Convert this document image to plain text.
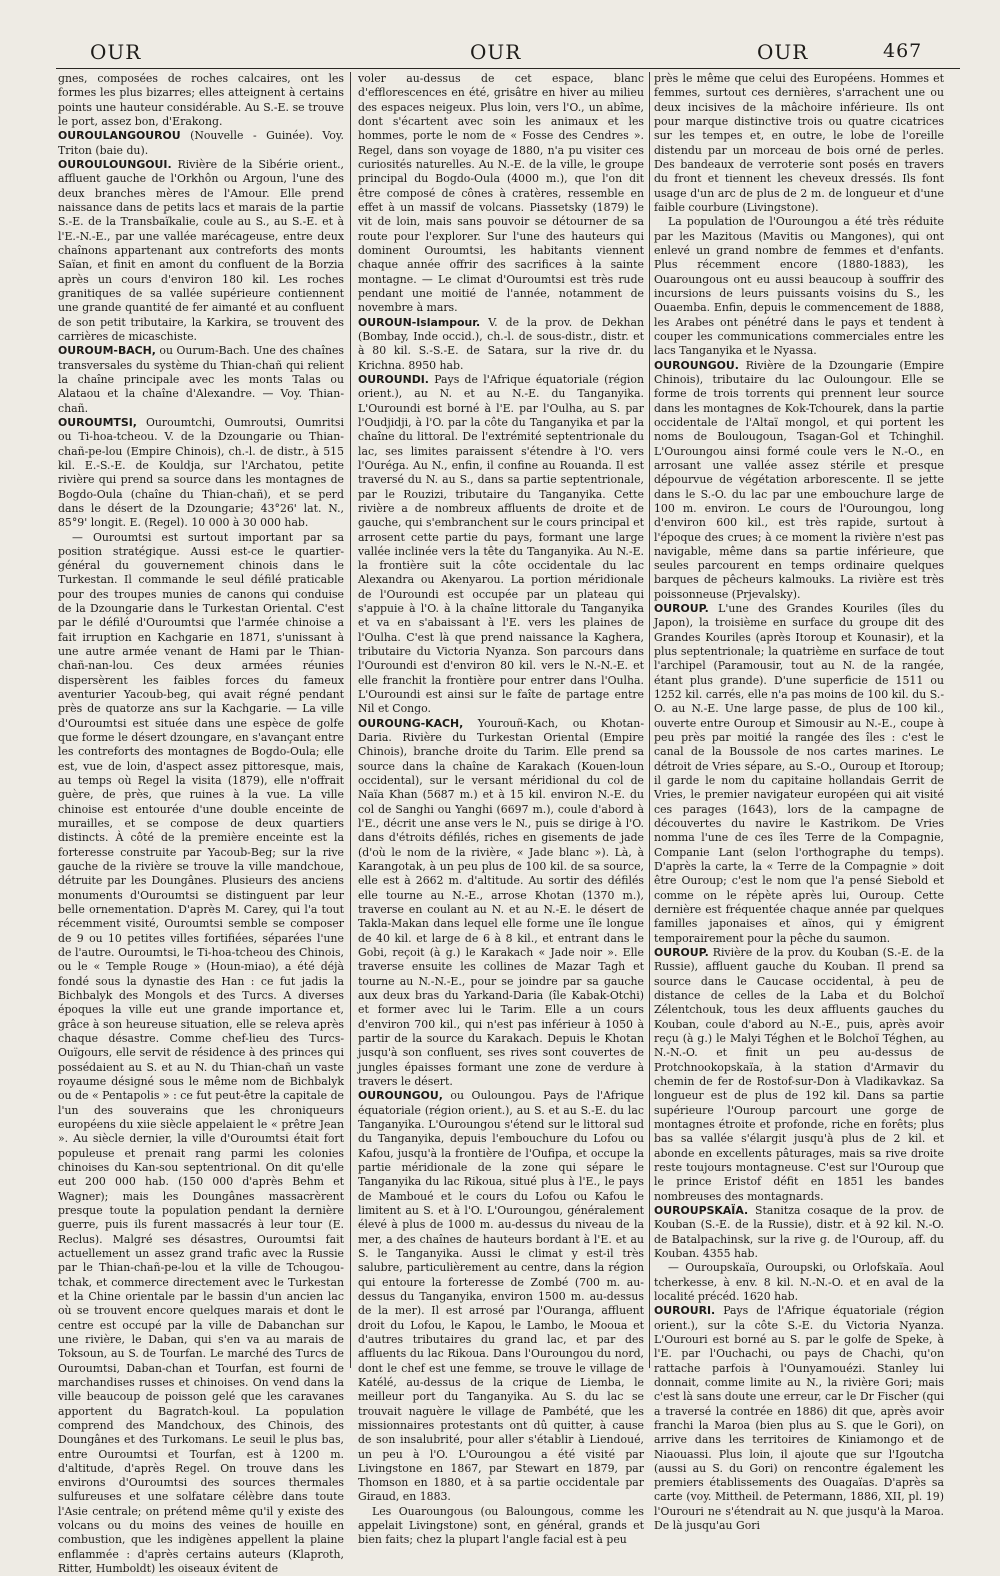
OUR	OUR	OUR	467

gnes, composées de roches calcaires, ont les formes les plus bizarres; elles atteignent à certains points une hauteur considérable. Au S.-E. se trouve le port, assez bon, d'Erakong.

OUROULANGOUROU (Nouvelle - Guinée). Voy. Triton (baie du).

OUROULOUNGOUI. Rivière de la Sibérie orient., affluent gauche de l'Orkhôn ou Argoun, l'une des deux branches mères de l'Amour. Elle prend naissance dans de petits lacs et marais de la partie S.-E. de la Transbaïkalie, coule au S., au S.-E. et à l'E.-N.-E., par une vallée marécageuse, entre deux chaînons appartenant aux contreforts des monts Saïan, et finit en amont du confluent de la Borzia après un cours d'environ 180 kil. Les roches granitiques de sa vallée supérieure contiennent une grande quantité de fer aimanté et au confluent de son petit tributaire, la Karkira, se trouvent des carrières de micaschiste.

OUROUM-BACH, ou Ourum-Bach. Une des chaînes transversales du système du Thian-chañ qui relient la chaîne principale avec les monts Talas ou Alataou et la chaîne d'Alexandre. — Voy. Thian-chañ.

OUROUMTSI, Ouroumtchi, Oumroutsi, Oumritsi ou Ti-hoa-tcheou. V. de la Dzoungarie ou Thian-chañ-pe-lou (Empire Chinois), ch.-l. de distr., à 515 kil. E.-S.-E. de Kouldja, sur l'Archatou, petite rivière qui prend sa source dans les montagnes de Bogdo-Oula (chaîne du Thian-chañ), et se perd dans le désert de la Dzoungarie; 43°26' lat. N., 85°9' longit. E. (Regel). 10 000 à 30 000 hab.

— Ouroumtsi est surtout important par sa position stratégique. Aussi est-ce le quartier-général du gouvernement chinois dans le Turkestan. Il commande le seul défilé praticable pour des troupes munies de canons qui conduise de la Dzoungarie dans le Turkestan Oriental. C'est par le défilé d'Ouroumtsi que l'armée chinoise a fait irruption en Kachgarie en 1871, s'unissant à une autre armée venant de Hami par le Thian-chañ-nan-lou. Ces deux armées réunies dispersèrent les faibles forces du fameux aventurier Yacoub-beg, qui avait régné pendant près de quatorze ans sur la Kachgarie. — La ville d'Ouroumtsi est située dans une espèce de golfe que forme le désert dzoungare, en s'avançant entre les contreforts des montagnes de Bogdo-Oula; elle est, vue de loin, d'aspect assez pittoresque, mais, au temps où Regel la visita (1879), elle n'offrait guère, de près, que ruines à la vue. La ville chinoise est entourée d'une double enceinte de murailles, et se compose de deux quartiers distincts. À côté de la première enceinte est la forteresse construite par Yacoub-Beg; sur la rive gauche de la rivière se trouve la ville mandchoue, détruite par les Doungânes. Plusieurs des anciens monuments d'Ouroumtsi se distinguent par leur belle ornementation. D'après M. Carey, qui l'a tout récemment visité, Ouroumtsi semble se composer de 9 ou 10 petites villes fortifiées, séparées l'une de l'autre. Ouroumtsi, le Ti-hoa-tcheou des Chinois, ou le « Temple Rouge » (Houn-miao), a été déjà fondé sous la dynastie des Han : ce fut jadis la Bichbalyk des Mongols et des Turcs. A diverses époques la ville eut une grande importance et, grâce à son heureuse situation, elle se releva après chaque désastre. Comme chef-lieu des Turcs-Ouïgours, elle servit de résidence à des princes qui possédaient au S. et au N. du Thian-chañ un vaste royaume désigné sous le même nom de Bichbalyk ou de « Pentapolis » : ce fut peut-être la capitale de l'un des souverains que les chroniqueurs européens du xiie siècle appelaient le « prêtre Jean ». Au siècle dernier, la ville d'Ouroumtsi était fort populeuse et prenait rang parmi les colonies chinoises du Kan-sou septentrional. On dit qu'elle eut 200 000 hab. (150 000 d'après Behm et Wagner); mais les Doungânes massacrèrent presque toute la population pendant la dernière guerre, puis ils furent massacrés à leur tour (E. Reclus). Malgré ses désastres, Ouroumtsi fait actuellement un assez grand trafic avec la Russie par le Thian-chañ-pe-lou et la ville de Tchougou-tchak, et commerce directement avec le Turkestan et la Chine orientale par le bassin d'un ancien lac où se trouvent encore quelques marais et dont le centre est occupé par la ville de Dabanchan sur une rivière, le Daban, qui s'en va au marais de Toksoun, au S. de Tourfan. Le marché des Turcs de Ouroumtsi, Daban-chan et Tourfan, est fourni de marchandises russes et chinoises. On vend dans la ville beaucoup de poisson gelé que les caravanes apportent du Bagratch-koul. La population comprend des Mandchoux, des Chinois, des Doungânes et des Turkomans. Le seuil le plus bas, entre Ouroumtsi et Tourfan, est à 1200 m. d'altitude, d'après Regel. On trouve dans les environs d'Ouroumtsi des sources thermales sulfureuses et une solfatare célèbre dans toute l'Asie centrale; on prétend même qu'il y existe des volcans ou du moins des veines de houille en combustion, que les indigènes appellent la plaine enflammée : d'après certains auteurs (Klaproth, Ritter, Humboldt) les oiseaux évitent de

voler au-dessus de cet espace, blanc d'efflorescences en été, grisâtre en hiver au milieu des espaces neigeux. Plus loin, vers l'O., un abîme, dont s'écartent avec soin les animaux et les hommes, porte le nom de « Fosse des Cendres ». Regel, dans son voyage de 1880, n'a pu visiter ces curiosités naturelles. Au N.-E. de la ville, le groupe principal du Bogdo-Oula (4000 m.), que l'on dit être composé de cônes à cratères, ressemble en effet à un massif de volcans. Piassetsky (1879) le vit de loin, mais sans pouvoir se détourner de sa route pour l'explorer. Sur l'une des hauteurs qui dominent Ouroumtsi, les habitants viennent chaque année offrir des sacrifices à la sainte montagne. — Le climat d'Ouroumtsi est très rude pendant une moitié de l'année, notamment de novembre à mars.

OUROUN-Islampour. V. de la prov. de Dekhan (Bombay, Inde occid.), ch.-l. de sous-distr., distr. et à 80 kil. S.-S.-E. de Satara, sur la rive dr. du Krichna. 8950 hab.

OUROUNDI. Pays de l'Afrique équatoriale (région orient.), au N. et au N.-E. du Tanganyika. L'Ouroundi est borné à l'E. par l'Oulha, au S. par l'Oudjidji, à l'O. par la côte du Tanganyika et par la chaîne du littoral. De l'extrémité septentrionale du lac, ses limites paraissent s'étendre à l'O. vers l'Ouréga. Au N., enfin, il confine au Rouanda. Il est traversé du N. au S., dans sa partie septentrionale, par le Rouzizi, tributaire du Tanganyika. Cette rivière a de nombreux affluents de droite et de gauche, qui s'embranchent sur le cours principal et arrosent cette partie du pays, formant une large vallée inclinée vers la tête du Tanganyika. Au N.-E. la frontière suit la côte occidentale du lac Alexandra ou Akenyarou. La portion méridionale de l'Ouroundi est occupée par un plateau qui s'appuie à l'O. à la chaîne littorale du Tanganyika et va en s'abaissant à l'E. vers les plaines de l'Oulha. C'est là que prend naissance la Kaghera, tributaire du Victoria Nyanza. Son parcours dans l'Ouroundi est d'environ 80 kil. vers le N.-N.-E. et elle franchit la frontière pour entrer dans l'Oulha. L'Ouroundi est ainsi sur le faîte de partage entre Nil et Congo.

OUROUNG-KACH, Yourouñ-Kach, ou Khotan-Daria. Rivière du Turkestan Oriental (Empire Chinois), branche droite du Tarim. Elle prend sa source dans la chaîne de Karakach (Kouen-loun occidental), sur le versant méridional du col de Naïa Khan (5687 m.) et à 15 kil. environ N.-E. du col de Sanghi ou Yanghi (6697 m.), coule d'abord à l'E., décrit une anse vers le N., puis se dirige à l'O. dans d'étroits défilés, riches en gisements de jade (d'où le nom de la rivière, « Jade blanc »). Là, à Karangotak, à un peu plus de 100 kil. de sa source, elle est à 2662 m. d'altitude. Au sortir des défilés elle tourne au N.-E., arrose Khotan (1370 m.), traverse en coulant au N. et au N.-E. le désert de Takla-Makan dans lequel elle forme une île longue de 40 kil. et large de 6 à 8 kil., et entrant dans le Gobi, reçoit (à g.) le Karakach « Jade noir ». Elle traverse ensuite les collines de Mazar Tagh et tourne au N.-N.-E., pour se joindre par sa gauche aux deux bras du Yarkand-Daria (île Kabak-Otchi) et former avec lui le Tarim. Elle a un cours d'environ 700 kil., qui n'est pas inférieur à 1050 à partir de la source du Karakach. Depuis le Khotan jusqu'à son confluent, ses rives sont couvertes de jungles épaisses formant une zone de verdure à travers le désert.

OUROUNGOU, ou Ouloungou. Pays de l'Afrique équatoriale (région orient.), au S. et au S.-E. du lac Tanganyika. L'Ouroungou s'étend sur le littoral sud du Tanganyika, depuis l'embouchure du Lofou ou Kafou, jusqu'à la frontière de l'Oufipa, et occupe la partie méridionale de la zone qui sépare le Tanganyika du lac Rikoua, situé plus à l'E., le pays de Mamboué et le cours du Lofou ou Kafou le limitent au S. et à l'O. L'Ouroungou, généralement élevé à plus de 1000 m. au-dessus du niveau de la mer, a des chaînes de hauteurs bordant à l'E. et au S. le Tanganyika. Aussi le climat y est-il très salubre, particulièrement au centre, dans la région qui entoure la forteresse de Zombé (700 m. au-dessus du Tanganyika, environ 1500 m. au-dessus de la mer). Il est arrosé par l'Ouranga, affluent droit du Lofou, le Kapou, le Lambo, le Mooua et d'autres tributaires du grand lac, et par des affluents du lac Rikoua. Dans l'Ouroungou du nord, dont le chef est une femme, se trouve le village de Katélé, au-dessus de la crique de Liemba, le meilleur port du Tanganyika. Au S. du lac se trouvait naguère le village de Pambété, que les missionnaires protestants ont dû quitter, à cause de son insalubrité, pour aller s'établir à Liendoué, un peu à l'O. L'Ouroungou a été visité par Livingstone en 1867, par Stewart en 1879, par Thomson en 1880, et à sa partie occidentale par Giraud, en 1883.

Les Ouaroungous (ou Baloungous, comme les appelait Livingstone) sont, en général, grands et bien faits; chez la plupart l'angle facial est à peu

près le même que celui des Européens. Hommes et femmes, surtout ces dernières, s'arrachent une ou deux incisives de la mâchoire inférieure. Ils ont pour marque distinctive trois ou quatre cicatrices sur les tempes et, en outre, le lobe de l'oreille distendu par un morceau de bois orné de perles. Des bandeaux de verroterie sont posés en travers du front et tiennent les cheveux dressés. Ils font usage d'un arc de plus de 2 m. de longueur et d'une faible courbure (Livingstone).

La population de l'Ouroungou a été très réduite par les Mazitous (Mavitis ou Mangones), qui ont enlevé un grand nombre de femmes et d'enfants. Plus récemment encore (1880-1883), les Ouaroungous ont eu aussi beaucoup à souffrir des incursions de leurs puissants voisins du S., les Ouaemba. Enfin, depuis le commencement de 1888, les Arabes ont pénétré dans le pays et tendent à couper les communications commerciales entre les lacs Tanganyika et le Nyassa.

OUROUNGOU. Rivière de la Dzoungarie (Empire Chinois), tributaire du lac Ouloungour. Elle se forme de trois torrents qui prennent leur source dans les montagnes de Kok-Tchourek, dans la partie occidentale de l'Altaï mongol, et qui portent les noms de Boulougoun, Tsagan-Gol et Tchinghil. L'Ouroungou ainsi formé coule vers le N.-O., en arrosant une vallée assez stérile et presque dépourvue de végétation arborescente. Il se jette dans le S.-O. du lac par une embouchure large de 100 m. environ. Le cours de l'Ouroungou, long d'environ 600 kil., est très rapide, surtout à l'époque des crues; à ce moment la rivière n'est pas navigable, même dans sa partie inférieure, que seules parcourent en temps ordinaire quelques barques de pêcheurs kalmouks. La rivière est très poissonneuse (Prjevalsky).

OUROUP. L'une des Grandes Kouriles (îles du Japon), la troisième en surface du groupe dit des Grandes Kouriles (après Itoroup et Kounasir), et la plus septentrionale; la quatrième en surface de tout l'archipel (Paramousir, tout au N. de la rangée, étant plus grande). D'une superficie de 1511 ou 1252 kil. carrés, elle n'a pas moins de 100 kil. du S.-O. au N.-E. Une large passe, de plus de 100 kil., ouverte entre Ouroup et Simousir au N.-E., coupe à peu près par moitié la rangée des îles : c'est le canal de la Boussole de nos cartes marines. Le détroit de Vries sépare, au S.-O., Ouroup et Itoroup; il garde le nom du capitaine hollandais Gerrit de Vries, le premier navigateur européen qui ait visité ces parages (1643), lors de la campagne de découvertes du navire le Kastrikom. De Vries nomma l'une de ces îles Terre de la Compagnie, Companie Lant (selon l'orthographe du temps). D'après la carte, la « Terre de la Compagnie » doit être Ouroup; c'est le nom que l'a pensé Siebold et comme on le répète après lui, Ouroup. Cette dernière est fréquentée chaque année par quelques familles japonaises et aïnos, qui y émigrent temporairement pour la pêche du saumon.

OUROUP. Rivière de la prov. du Kouban (S.-E. de la Russie), affluent gauche du Kouban. Il prend sa source dans le Caucase occidental, à peu de distance de celles de la Laba et du Bolchoï Zélentchouk, tous les deux affluents gauches du Kouban, coule d'abord au N.-E., puis, après avoir reçu (à g.) le Malyi Téghen et le Bolchoï Téghen, au N.-N.-O. et finit un peu au-dessus de Protchnookopskaïa, à la station d'Armavir du chemin de fer de Rostof-sur-Don à Vladikavkaz. Sa longueur est de plus de 192 kil. Dans sa partie supérieure l'Ouroup parcourt une gorge de montagnes étroite et profonde, riche en forêts; plus bas sa vallée s'élargit jusqu'à plus de 2 kil. et abonde en excellents pâturages, mais sa rive droite reste toujours montagneuse. C'est sur l'Ouroup que le prince Eristof défit en 1851 les bandes nombreuses des montagnards.

OUROUPSKAÏA. Stanitza cosaque de la prov. de Kouban (S.-E. de la Russie), distr. et à 92 kil. N.-O. de Batalpachinsk, sur la rive g. de l'Ouroup, aff. du Kouban. 4355 hab.

— Ouroupskaïa, Ouroupski, ou Orlofskaïa. Aoul tcherkesse, à env. 8 kil. N.-N.-O. et en aval de la localité précéd. 1620 hab.

OUROURI. Pays de l'Afrique équatoriale (région orient.), sur la côte S.-E. du Victoria Nyanza. L'Ourouri est borné au S. par le golfe de Speke, à l'E. par l'Ouchachi, ou pays de Chachi, qu'on rattache parfois à l'Ounyamouézi. Stanley lui donnait, comme limite au N., la rivière Gori; mais c'est là sans doute une erreur, car le Dr Fischer (qui a traversé la contrée en 1886) dit que, après avoir franchi la Maroa (bien plus au S. que le Gori), on arrive dans les territoires de Kiniamongo et de Niaouassi. Plus loin, il ajoute que sur l'Igoutcha (aussi au S. du Gori) on rencontre également les premiers établissements des Ouagaïas. D'après sa carte (voy. Mittheil. de Petermann, 1886, XII, pl. 19) l'Ourouri ne s'étendrait au N. que jusqu'à la Maroa. De là jusqu'au Gori
